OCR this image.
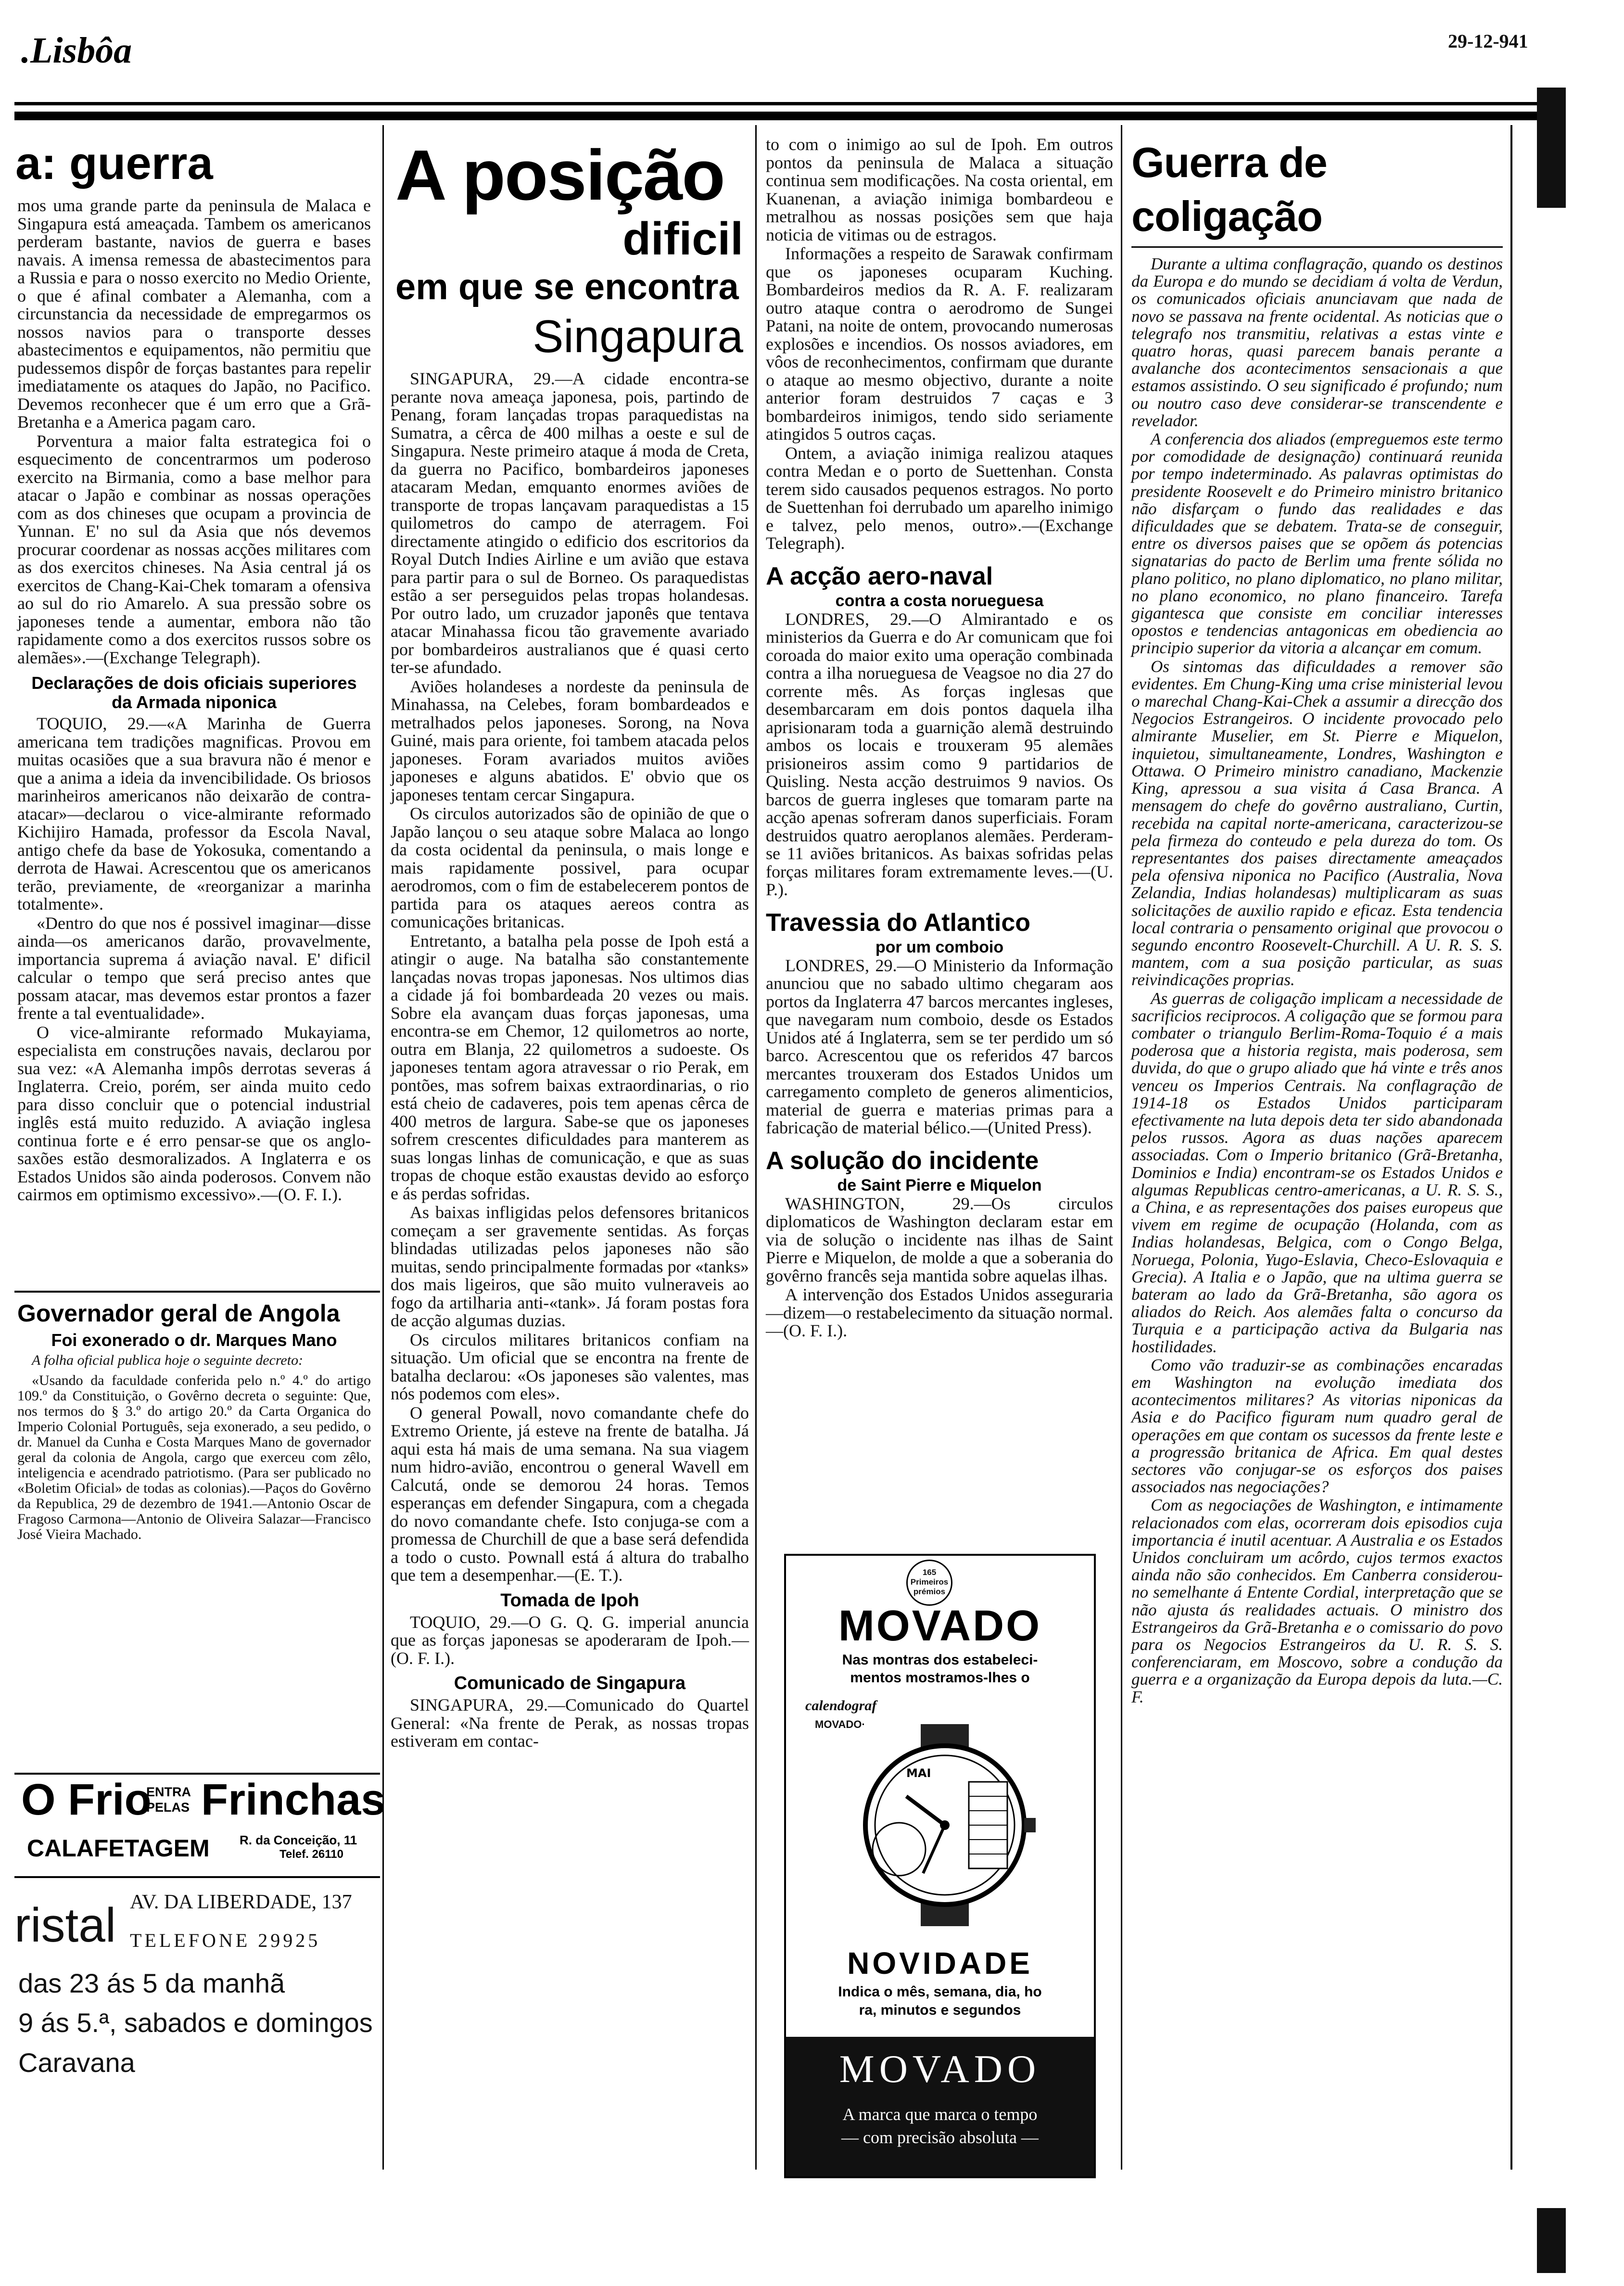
.Lisbôa	29-12-941
a: guerra

mos uma grande parte da peninsula de Malaca e Singapura está ameaçada. Tambem os americanos perderam bastante, navios de guerra e bases navais. A imensa remessa de abastecimentos para a Russia e para o nosso exercito no Medio Oriente, o que é afinal combater a Alemanha, com a circunstancia da necessidade de empregarmos os nossos navios para o transporte desses abastecimentos e equipamentos, não permitiu que pudessemos dispôr de forças bastantes para repelir imediatamente os ataques do Japão, no Pacifico. Devemos reconhecer que é um erro que a Grã-Bretanha e a America pagam caro.

Porventura a maior falta estrategica foi o esquecimento de concentrarmos um poderoso exercito na Birmania, como a base melhor para atacar o Japão e combinar as nossas operações com as dos chineses que ocupam a provincia de Yunnan. E' no sul da Asia que nós devemos procurar coordenar as nossas acções militares com as dos exercitos chineses. Na Asia central já os exercitos de Chang-Kai-Chek tomaram a ofensiva ao sul do rio Amarelo. A sua pressão sobre os japoneses tende a aumentar, embora não tão rapidamente como a dos exercitos russos sobre os alemães».—(Exchange Telegraph).

Declarações de dois oficiais superiores da Armada niponica

TOQUIO, 29.—«A Marinha de Guerra americana tem tradições magnificas. Provou em muitas ocasiões que a sua bravura não é menor e que a anima a ideia da invencibilidade. Os briosos marinheiros americanos não deixarão de contra-atacar»—declarou o vice-almirante reformado Kichijiro Hamada, professor da Escola Naval, antigo chefe da base de Yokosuka, comentando a derrota de Hawai. Acrescentou que os americanos terão, previamente, de «reorganizar a marinha totalmente».

«Dentro do que nos é possivel imaginar—disse ainda—os americanos darão, provavelmente, importancia suprema á aviação naval. E' dificil calcular o tempo que será preciso antes que possam atacar, mas devemos estar prontos a fazer frente a tal eventualidade».

O vice-almirante reformado Mukayiama, especialista em construções navais, declarou por sua vez: «A Alemanha impôs derrotas severas á Inglaterra. Creio, porém, ser ainda muito cedo para disso concluir que o potencial industrial inglês está muito reduzido. A aviação inglesa continua forte e é erro pensar-se que os anglo-saxões estão desmoralizados. A Inglaterra e os Estados Unidos são ainda poderosos. Convem não cairmos em optimismo excessivo».—(O. F. I.).

Governador geral de Angola
Foi exonerado o dr. Marques Mano
A folha oficial publica hoje o seguinte decreto:
«Usando da faculdade conferida pelo n.º 4.º do artigo 109.º da Constituição, o Govêrno decreta o seguinte: Que, nos termos do § 3.º do artigo 20.º da Carta Organica do Imperio Colonial Português, seja exonerado, a seu pedido, o dr. Manuel da Cunha e Costa Marques Mano de governador geral da colonia de Angola, cargo que exerceu com zêlo, inteligencia e acendrado patriotismo. (Para ser publicado no «Boletim Oficial» de todas as colonias).—Paços do Govêrno da Republica, 29 de dezembro de 1941.—Antonio Oscar de Fragoso Carmona—Antonio de Oliveira Salazar—Francisco José Vieira Machado.
O Frio
ENTRA PELAS Frinchas
CALAFETAGEM R. da Conceição, 11
Telef. 26110
ristal AV. DA LIBERDADE, 137
TELEFONE 29925
das 23 ás 5 da manhã
9 ás 5.ª, sabados e domingos
Caravana
A posição
dificil
em que se encontra
Singapura

SINGAPURA, 29.—A cidade encontra-se perante nova ameaça japonesa, pois, partindo de Penang, foram lançadas tropas paraquedistas na Sumatra, a cêrca de 400 milhas a oeste e sul de Singapura. Neste primeiro ataque á moda de Creta, da guerra no Pacifico, bombardeiros japoneses atacaram Medan, emquanto enormes aviões de transporte de tropas lançavam paraquedistas a 15 quilometros do campo de aterragem. Foi directamente atingido o edificio dos escritorios da Royal Dutch Indies Airline e um avião que estava para partir para o sul de Borneo. Os paraquedistas estão a ser perseguidos pelas tropas holandesas. Por outro lado, um cruzador japonês que tentava atacar Minahassa ficou tão gravemente avariado por bombardeiros australianos que é quasi certo ter-se afundado.

Aviões holandeses a nordeste da peninsula de Minahassa, na Celebes, foram bombardeados e metralhados pelos japoneses. Sorong, na Nova Guiné, mais para oriente, foi tambem atacada pelos japoneses. Foram avariados muitos aviões japoneses e alguns abatidos. E' obvio que os japoneses tentam cercar Singapura.

Os circulos autorizados são de opinião de que o Japão lançou o seu ataque sobre Malaca ao longo da costa ocidental da peninsula, o mais longe e mais rapidamente possivel, para ocupar aerodromos, com o fim de estabelecerem pontos de partida para os ataques aereos contra as comunicações britanicas.

Entretanto, a batalha pela posse de Ipoh está a atingir o auge. Na batalha são constantemente lançadas novas tropas japonesas. Nos ultimos dias a cidade já foi bombardeada 20 vezes ou mais. Sobre ela avançam duas forças japonesas, uma encontra-se em Chemor, 12 quilometros ao norte, outra em Blanja, 22 quilometros a sudoeste. Os japoneses tentam agora atravessar o rio Perak, em pontões, mas sofrem baixas extraordinarias, o rio está cheio de cadaveres, pois tem apenas cêrca de 400 metros de largura. Sabe-se que os japoneses sofrem crescentes dificuldades para manterem as suas longas linhas de comunicação, e que as suas tropas de choque estão exaustas devido ao esforço e ás perdas sofridas.

As baixas infligidas pelos defensores britanicos começam a ser gravemente sentidas. As forças blindadas utilizadas pelos japoneses não são muitas, sendo principalmente formadas por «tanks» dos mais ligeiros, que são muito vulneraveis ao fogo da artilharia anti-«tank». Já foram postas fora de acção algumas duzias.

Os circulos militares britanicos confiam na situação. Um oficial que se encontra na frente de batalha declarou: «Os japoneses são valentes, mas nós podemos com eles».

O general Powall, novo comandante chefe do Extremo Oriente, já esteve na frente de batalha. Já aqui esta há mais de uma semana. Na sua viagem num hidro-avião, encontrou o general Wavell em Calcutá, onde se demorou 24 horas. Temos esperanças em defender Singapura, com a chegada do novo comandante chefe. Isto conjuga-se com a promessa de Churchill de que a base será defendida a todo o custo. Pownall está á altura do trabalho que tem a desempenhar.—(E. T.).

Tomada de Ipoh

TOQUIO, 29.—O G. Q. G. imperial anuncia que as forças japonesas se apoderaram de Ipoh.—(O. F. I.).

Comunicado de Singapura

SINGAPURA, 29.—Comunicado do Quartel General: «Na frente de Perak, as nossas tropas estiveram em contac-

to com o inimigo ao sul de Ipoh. Em outros pontos da peninsula de Malaca a situação continua sem modificações. Na costa oriental, em Kuanenan, a aviação inimiga bombardeou e metralhou as nossas posições sem que haja noticia de vitimas ou de estragos.

Informações a respeito de Sarawak confirmam que os japoneses ocuparam Kuching. Bombardeiros medios da R. A. F. realizaram outro ataque contra o aerodromo de Sungei Patani, na noite de ontem, provocando numerosas explosões e incendios. Os nossos aviadores, em vôos de reconhecimentos, confirmam que durante o ataque ao mesmo objectivo, durante a noite anterior foram destruidos 7 caças e 3 bombardeiros inimigos, tendo sido seriamente atingidos 5 outros caças.

Ontem, a aviação inimiga realizou ataques contra Medan e o porto de Suettenhan. Consta terem sido causados pequenos estragos. No porto de Suettenhan foi derrubado um aparelho inimigo e talvez, pelo menos, outro».—(Exchange Telegraph).

A acção aero-naval
contra a costa norueguesa

LONDRES, 29.—O Almirantado e os ministerios da Guerra e do Ar comunicam que foi coroada do maior exito uma operação combinada contra a ilha norueguesa de Veagsoe no dia 27 do corrente mês. As forças inglesas que desembarcaram em dois pontos daquela ilha aprisionaram toda a guarnição alemã destruindo ambos os locais e trouxeram 95 alemães prisioneiros assim como 9 partidarios de Quisling. Nesta acção destruimos 9 navios. Os barcos de guerra ingleses que tomaram parte na acção apenas sofreram danos superficiais. Foram destruidos quatro aeroplanos alemães. Perderam-se 11 aviões britanicos. As baixas sofridas pelas forças militares foram extremamente leves.—(U. P.).

Travessia do Atlantico
por um comboio

LONDRES, 29.—O Ministerio da Informação anunciou que no sabado ultimo chegaram aos portos da Inglaterra 47 barcos mercantes ingleses, que navegaram num comboio, desde os Estados Unidos até á Inglaterra, sem se ter perdido um só barco. Acrescentou que os referidos 47 barcos mercantes trouxeram dos Estados Unidos um carregamento completo de generos alimenticios, material de guerra e materias primas para a fabricação de material bélico.—(United Press).

A solução do incidente
de Saint Pierre e Miquelon

WASHINGTON, 29.—Os circulos diplomaticos de Washington declaram estar em via de solução o incidente nas ilhas de Saint Pierre e Miquelon, de molde a que a soberania do govêrno francês seja mantida sobre aquelas ilhas.

A intervenção dos Estados Unidos asseguraria—dizem—o restabelecimento da situação normal.—(O. F. I.).

165 Primeiros prémios
MOVADO
Nas montras dos estabeleci-
mentos mostramos-lhes o
calendograf
MOVADO·
MAI
NOVIDADE
Indica o mês, semana, dia, ho
ra, minutos e segundos
MOVADO
A marca que marca o tempo
— com precisão absoluta —
Guerra de coligação

Durante a ultima conflagração, quando os destinos da Europa e do mundo se decidiam á volta de Verdun, os comunicados oficiais anunciavam que nada de novo se passava na frente ocidental. As noticias que o telegrafo nos transmitiu, relativas a estas vinte e quatro horas, quasi parecem banais perante a avalanche dos acontecimentos sensacionais a que estamos assistindo. O seu significado é profundo; num ou noutro caso deve considerar-se transcendente e revelador.

A conferencia dos aliados (empreguemos este termo por comodidade de designação) continuará reunida por tempo indeterminado. As palavras optimistas do presidente Roosevelt e do Primeiro ministro britanico não disfarçam o fundo das realidades e das dificuldades que se debatem. Trata-se de conseguir, entre os diversos paises que se opõem ás potencias signatarias do pacto de Berlim uma frente sólida no plano politico, no plano diplomatico, no plano militar, no plano economico, no plano financeiro. Tarefa gigantesca que consiste em conciliar interesses opostos e tendencias antagonicas em obediencia ao principio superior da vitoria a alcançar em comum.

Os sintomas das dificuldades a remover são evidentes. Em Chung-King uma crise ministerial levou o marechal Chang-Kai-Chek a assumir a direcção dos Negocios Estrangeiros. O incidente provocado pelo almirante Muselier, em St. Pierre e Miquelon, inquietou, simultaneamente, Londres, Washington e Ottawa. O Primeiro ministro canadiano, Mackenzie King, apressou a sua visita á Casa Branca. A mensagem do chefe do govêrno australiano, Curtin, recebida na capital norte-americana, caracterizou-se pela firmeza do conteudo e pela dureza do tom. Os representantes dos paises directamente ameaçados pela ofensiva niponica no Pacifico (Australia, Nova Zelandia, Indias holandesas) multiplicaram as suas solicitações de auxilio rapido e eficaz. Esta tendencia local contraria o pensamento original que provocou o segundo encontro Roosevelt-Churchill. A U. R. S. S. mantem, com a sua posição particular, as suas reivindicações proprias.

As guerras de coligação implicam a necessidade de sacrificios reciprocos. A coligação que se formou para combater o triangulo Berlim-Roma-Toquio é a mais poderosa que a historia regista, mais poderosa, sem duvida, do que o grupo aliado que há vinte e três anos venceu os Imperios Centrais. Na conflagração de 1914-18 os Estados Unidos participaram efectivamente na luta depois deta ter sido abandonada pelos russos. Agora as duas nações aparecem associadas. Com o Imperio britanico (Grã-Bretanha, Dominios e India) encontram-se os Estados Unidos e algumas Republicas centro-americanas, a U. R. S. S., a China, e as representações dos paises europeus que vivem em regime de ocupação (Holanda, com as Indias holandesas, Belgica, com o Congo Belga, Noruega, Polonia, Yugo-Eslavia, Checo-Eslovaquia e Grecia). A Italia e o Japão, que na ultima guerra se bateram ao lado da Grã-Bretanha, são agora os aliados do Reich. Aos alemães falta o concurso da Turquia e a participação activa da Bulgaria nas hostilidades.

Como vão traduzir-se as combinações encaradas em Washington na evolução imediata dos acontecimentos militares? As vitorias niponicas da Asia e do Pacifico figuram num quadro geral de operações em que contam os sucessos da frente leste e a progressão britanica de Africa. Em qual destes sectores vão conjugar-se os esforços dos paises associados nas negociações?

Com as negociações de Washington, e intimamente relacionados com elas, ocorreram dois episodios cuja importancia é inutil acentuar. A Australia e os Estados Unidos concluiram um acôrdo, cujos termos exactos ainda não são conhecidos. Em Canberra considerou-no semelhante á Entente Cordial, interpretação que se não ajusta ás realidades actuais. O ministro dos Estrangeiros da Grã-Bretanha e o comissario do povo para os Negocios Estrangeiros da U. R. S. S. conferenciaram, em Moscovo, sobre a condução da guerra e a organização da Europa depois da luta.—C. F.
